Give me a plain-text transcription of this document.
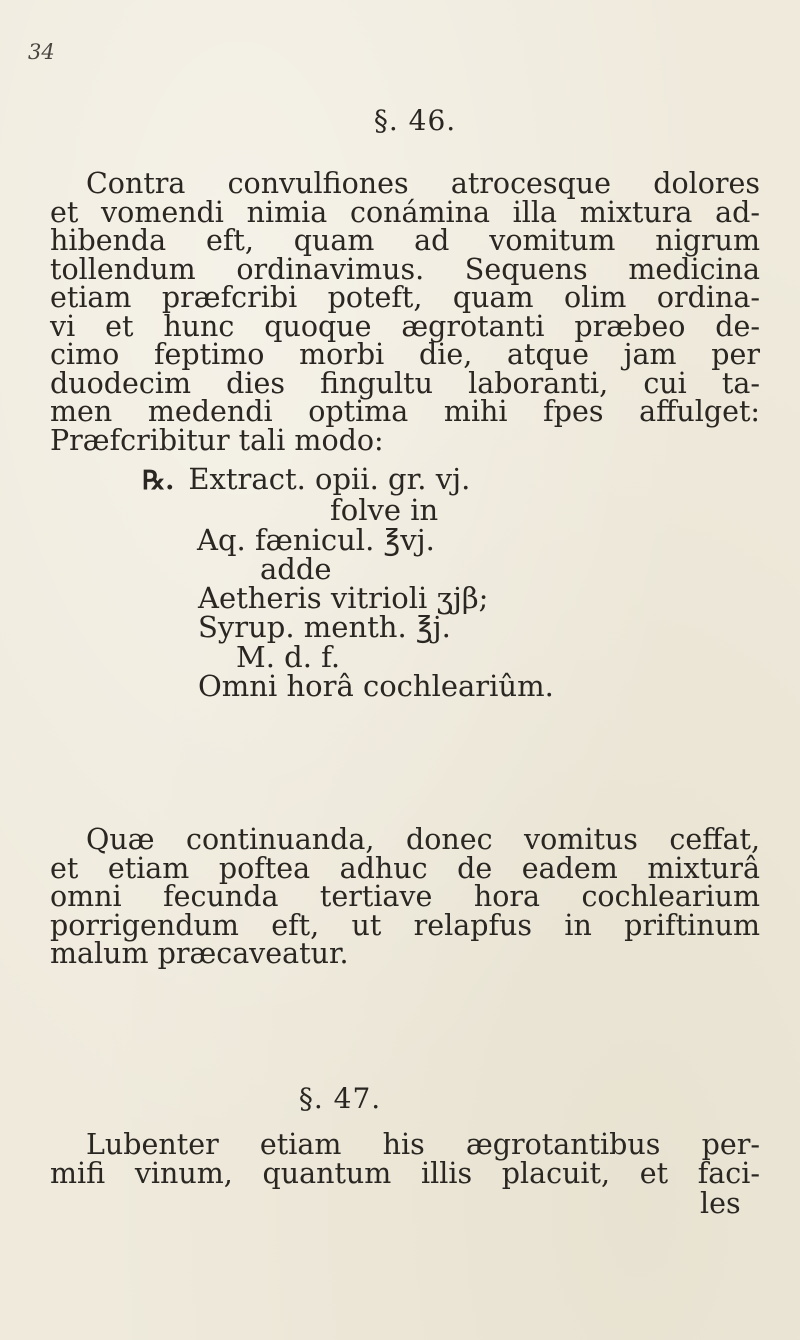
34
§. 46.
Contra convulfiones atrocesque dolores
et vomendi nimia conámina illa mixtura ad-
hibenda eft, quam ad vomitum nigrum
tollendum ordinavimus. Sequens medicina
etiam præfcribi poteft, quam olim ordina-
vi et hunc quoque ægrotanti præbeo de-
cimo feptimo morbi die, atque jam per
duodecim dies fingultu laboranti, cui ta-
men medendi optima mihi fpes affulget:
Præfcribitur tali modo:
℞. Extract. opii. gr. vj.
folve in
Aq. fænicul. ℥vj.
adde
Aetheris vitrioli ʒjβ;
Syrup. menth. ℥j.
M. d. f.
Omni horâ cochleariûm.
Quæ continuanda, donec vomitus ceffat,
et etiam poftea adhuc de eadem mixturâ
omni fecunda tertiave hora cochlearium
porrigendum eft, ut relapfus in priftinum
malum præcaveatur.
§. 47.
Lubenter etiam his ægrotantibus per-
mifi vinum, quantum illis placuit, et faci-
les
